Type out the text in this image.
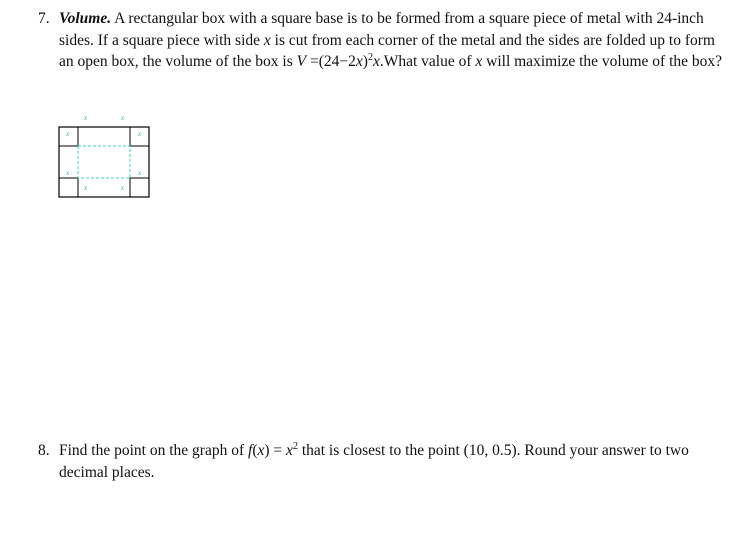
7. Volume. A rectangular box with a square base is to be formed from a square piece of metal with 24-inch sides. If a square piece with side x is cut from each corner of the metal and the sides are folded up to form an open box, the volume of the box is $V =(24-2x)^2x.What$ value of x will maximize the volume of the box?
x	x
x	x
x	x
x	x
8. Find the point on the graph of $f(x) = x^2$ that is closest to the point (10, 0.5). Round your answer to two decimal places.
